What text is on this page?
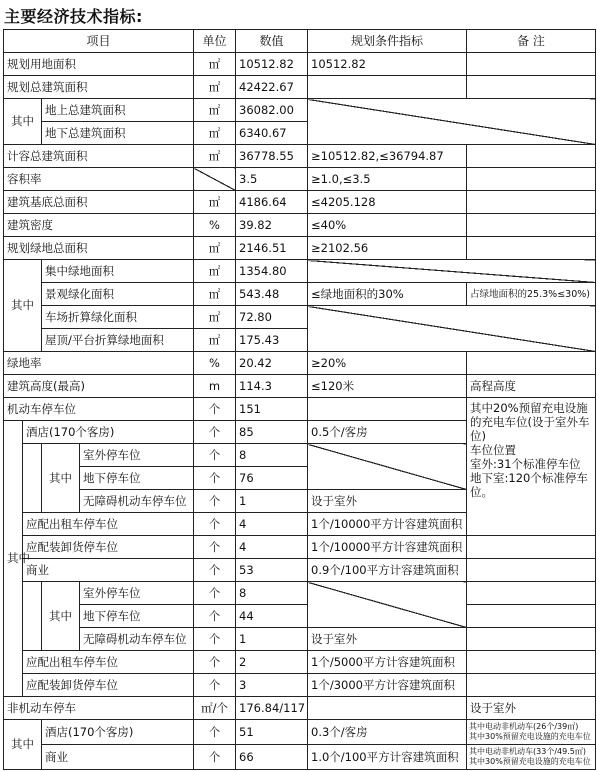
主要经济技术指标:
项目				单位	数值	规划条件指标	备 注
规划用地面积				㎡	10512.82	10512.82	
规划总建筑面积				㎡	42422.67		
其中		地上总建筑面积		㎡	36082.00		
		地下总建筑面积		㎡	6340.67		
计容总建筑面积				㎡	36778.55	≥10512.82,≤36794.87	
容积率					3.5	≥1.0,≤3.5	
建筑基底总面积				㎡	4186.64	≤4205.128	
建筑密度				%	39.82	≤40%	
规划绿地总面积				㎡	2146.51	≥2102.56	
其中		集中绿地面积		㎡	1354.80		
		景观绿化面积		㎡	543.48	≤绿地面积的30%	占绿地面积的25.3%≤30%)
		车场折算绿化面积		㎡	72.80		
		屋顶/平台折算绿地面积		㎡	175.43		
绿地率				%	20.42	≥20%	
建筑高度(最高)				m	114.3	≤120米	高程高度
机动车停车位				个	151		其中20%预留充电设施的充电车位(设于室外车位)
车位位置
室外:31个标准停车位
地下室:120个标准停车位。
其中	酒店(170个客房)			个	85	0.5个/客房	
		其中	室外停车位	个	8		
			地下停车位	个	76		
			无障碍机动车停车位	个	1	设于室外	
	应配出租车停车位			个	4	1个/10000平方计容建筑面积	
	应配装卸货停车位			个	4	1个/10000平方计容建筑面积	
	商业			个	53	0.9个/100平方计容建筑面积	
		其中	室外停车位	个	8		
			地下停车位	个	44		
			无障碍机动车停车位	个	1	设于室外	
	应配出租车停车位			个	2	1个/5000平方计容建筑面积	
	应配装卸货停车位			个	3	1个/3000平方计容建筑面积	
非机动车停车				㎡/个	176.84/117		设于室外
其中		酒店(170个客房)		个	51	0.3个/客房	其中电动非机动车(26个/39㎡)
其中30%预留充电设施的充电车位
		商业		个	66	1.0个/100平方计容建筑面积	其中电动非机动车(33个/49.5㎡)
其中30%预留充电设施的充电车位
